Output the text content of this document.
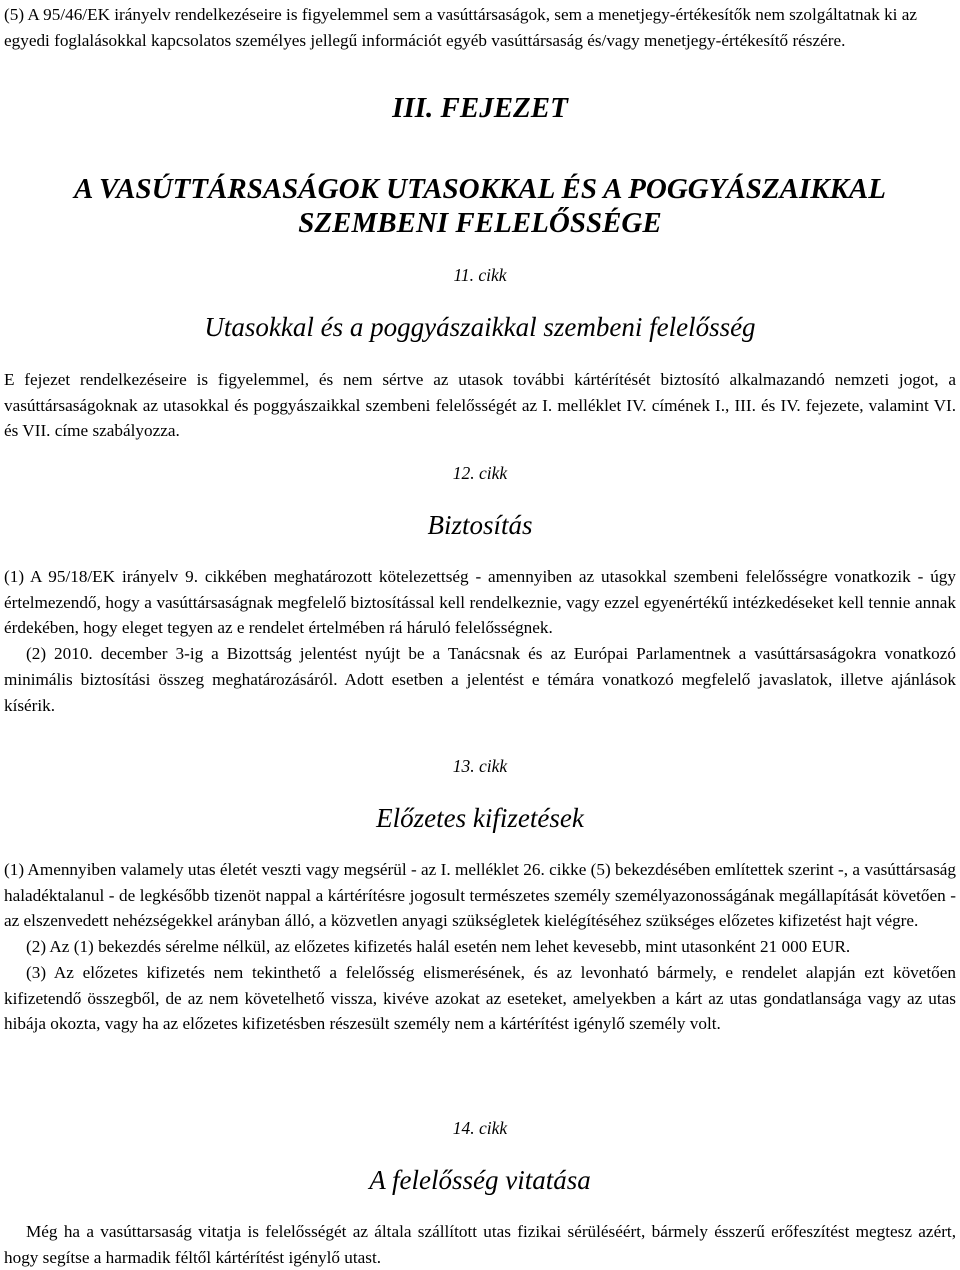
(5) A 95/46/EK irányelv rendelkezéseire is figyelemmel sem a vasúttársaságok, sem a menetjegy-értékesítők nem szolgáltatnak ki az egyedi foglalásokkal kapcsolatos személyes jellegű információt egyéb vasúttársaság és/vagy menetjegy-értékesítő részére.

III. FEJEZET
A VASÚTTÁRSASÁGOK UTASOKKAL ÉS A POGGYÁSZAIKKAL
SZEMBENI FELELŐSSÉGE
11. cikk
Utasokkal és a poggyászaikkal szembeni felelősség

E fejezet rendelkezéseire is figyelemmel, és nem sértve az utasok további kártérítését biztosító alkalmazandó nemzeti jogot, a vasúttársaságoknak az utasokkal és poggyászaikkal szembeni felelősségét az I. melléklet IV. címének I., III. és IV. fejezete, valamint VI. és VII. címe szabályozza.

12. cikk
Biztosítás

(1) A 95/18/EK irányelv 9. cikkében meghatározott kötelezettség - amennyiben az utasokkal szembeni felelősségre vonatkozik - úgy értelmezendő, hogy a vasúttársaságnak megfelelő biztosítással kell rendelkeznie, vagy ezzel egyenértékű intézkedéseket kell tennie annak érdekében, hogy eleget tegyen az e rendelet értelmében rá háruló felelősségnek.

(2) 2010. december 3-ig a Bizottság jelentést nyújt be a Tanácsnak és az Európai Parlamentnek a vasúttársaságokra vonatkozó minimális biztosítási összeg meghatározásáról. Adott esetben a jelentést e témára vonatkozó megfelelő javaslatok, illetve ajánlások kísérik.

13. cikk
Előzetes kifizetések

(1) Amennyiben valamely utas életét veszti vagy megsérül - az I. melléklet 26. cikke (5) bekezdésében említettek szerint -, a vasúttársaság haladéktalanul - de legkésőbb tizenöt nappal a kártérítésre jogosult természetes személy személyazonosságának megállapítását követően - az elszenvedett nehézségekkel arányban álló, a közvetlen anyagi szükségletek kielégítéséhez szükséges előzetes kifizetést hajt végre.

(2) Az (1) bekezdés sérelme nélkül, az előzetes kifizetés halál esetén nem lehet kevesebb, mint utasonként 21 000 EUR.

(3) Az előzetes kifizetés nem tekinthető a felelősség elismerésének, és az levonható bármely, e rendelet alapján ezt követően kifizetendő összegből, de az nem követelhető vissza, kivéve azokat az eseteket, amelyekben a kárt az utas gondatlansága vagy az utas hibája okozta, vagy ha az előzetes kifizetésben részesült személy nem a kártérítést igénylő személy volt.

14. cikk
A felelősség vitatása

Még ha a vasúttarsaság vitatja is felelősségét az általa szállított utas fizikai sérüléséért, bármely ésszerű erőfeszítést megtesz azért, hogy segítse a harmadik féltől kártérítést igénylő utast.
